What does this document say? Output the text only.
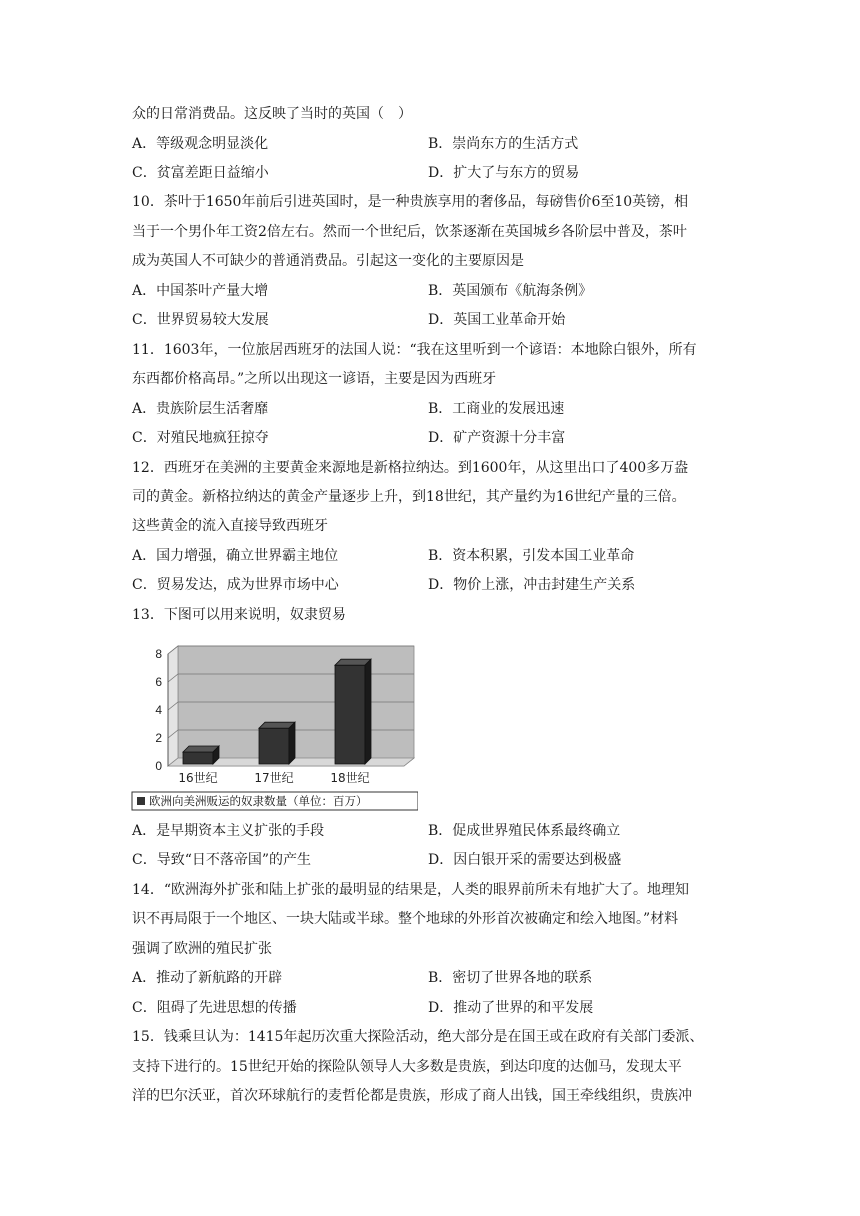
众的日常消费品。这反映了当时的英国（　）
A．等级观念明显淡化	B．崇尚东方的生活方式
C．贫富差距日益缩小	D．扩大了与东方的贸易
10．茶叶于1650年前后引进英国时，是一种贵族享用的奢侈品，每磅售价6至10英镑，相
当于一个男仆年工资2倍左右。然而一个世纪后，饮茶逐渐在英国城乡各阶层中普及，茶叶
成为英国人不可缺少的普通消费品。引起这一变化的主要原因是
A．中国茶叶产量大增	B．英国颁布《航海条例》
C．世界贸易较大发展	D．英国工业革命开始
11．1603年，一位旅居西班牙的法国人说：“我在这里听到一个谚语：本地除白银外，所有
东西都价格高昂。”之所以出现这一谚语，主要是因为西班牙
A．贵族阶层生活奢靡	B．工商业的发展迅速
C．对殖民地疯狂掠夺	D．矿产资源十分丰富
12．西班牙在美洲的主要黄金来源地是新格拉纳达。到1600年，从这里出口了400多万盎
司的黄金。新格拉纳达的黄金产量逐步上升，到18世纪，其产量约为16世纪产量的三倍。
这些黄金的流入直接导致西班牙
A．国力增强，确立世界霸主地位	B．资本积累，引发本国工业革命
C．贸易发达，成为世界市场中心	D．物价上涨，冲击封建生产关系
13．下图可以用来说明，奴隶贸易
A．是早期资本主义扩张的手段	B．促成世界殖民体系最终确立
C．导致“日不落帝国”的产生	D．因白银开采的需要达到极盛
14．“欧洲海外扩张和陆上扩张的最明显的结果是，人类的眼界前所未有地扩大了。地理知
识不再局限于一个地区、一块大陆或半球。整个地球的外形首次被确定和绘入地图。”材料
强调了欧洲的殖民扩张
A．推动了新航路的开辟	B．密切了世界各地的联系
C．阻碍了先进思想的传播	D．推动了世界的和平发展
15．钱乘旦认为：1415年起历次重大探险活动，绝大部分是在国王或在政府有关部门委派、
支持下进行的。15世纪开始的探险队领导人大多数是贵族，到达印度的达伽马，发现太平
洋的巴尔沃亚，首次环球航行的麦哲伦都是贵族，形成了商人出钱，国王牵线组织，贵族冲
0
2
4
6
8
16世纪	17世纪	18世纪
欧洲向美洲贩运的奴隶数量（单位：百万）
